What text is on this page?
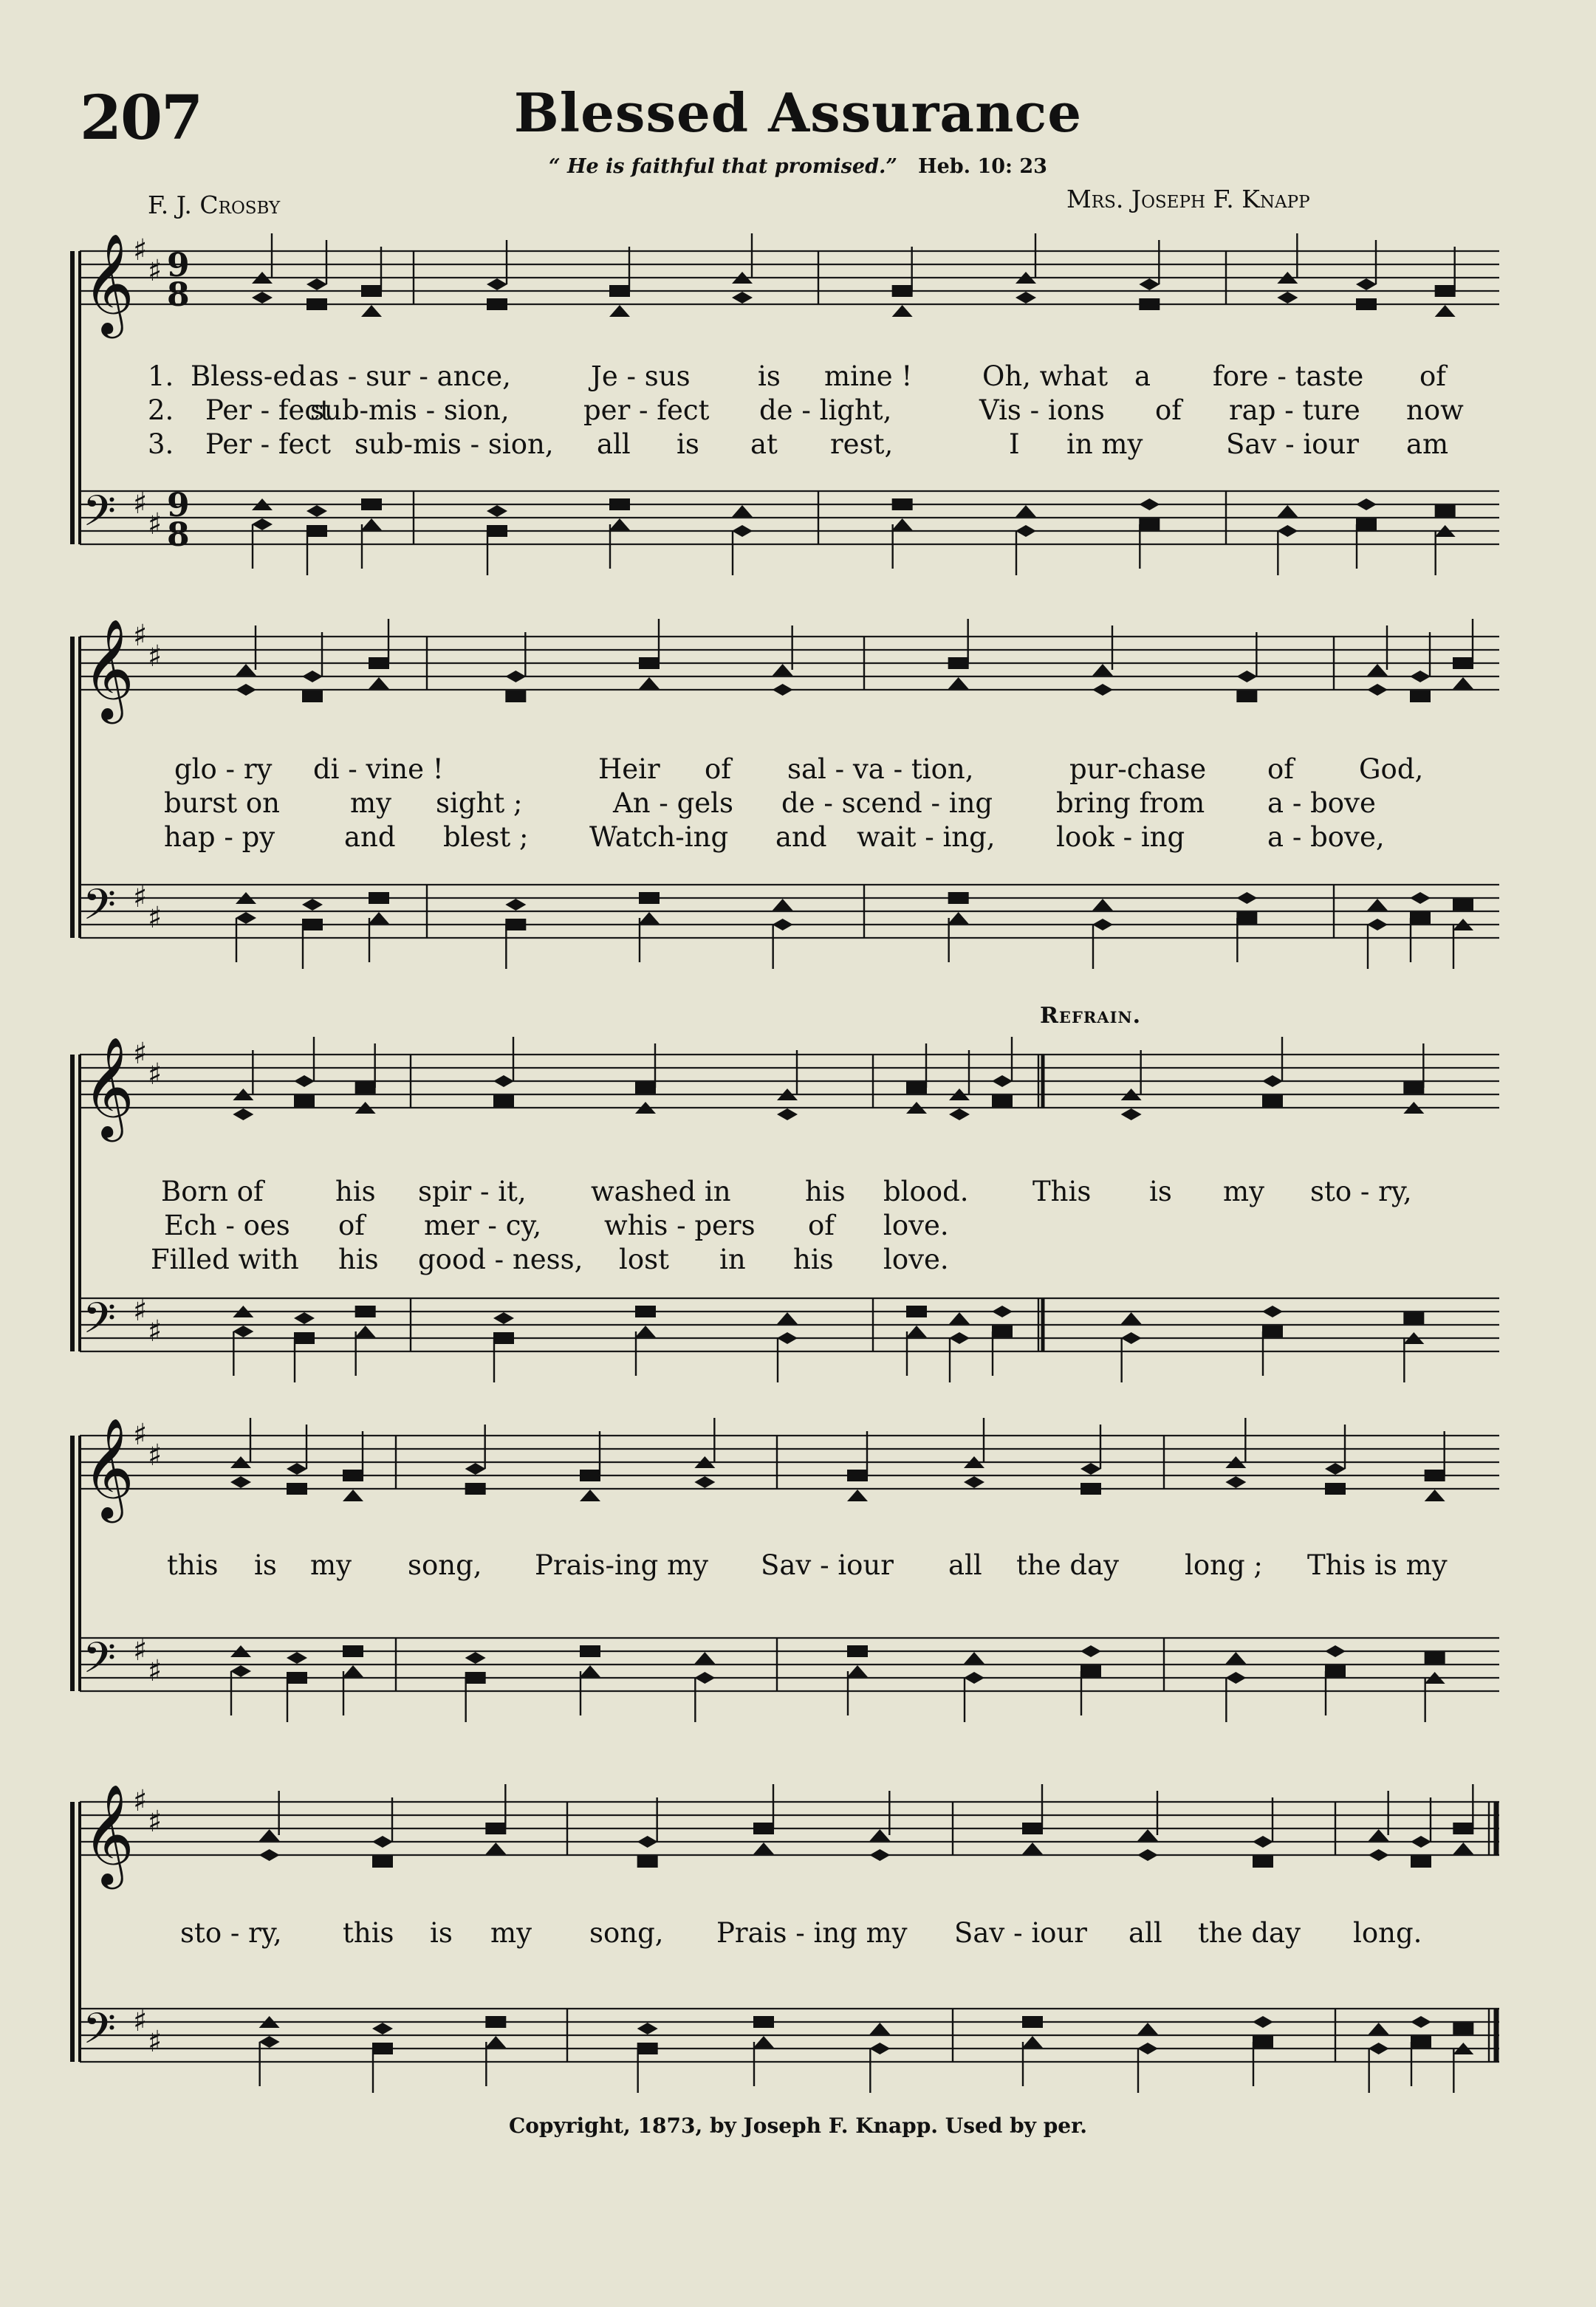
207	Blessed Assurance
“ He is faithful that promised.” Heb. 10: 23
F. J. Crosby	Mrs. Joseph F. Knapp
𝄞
♯
♯ 9
8
𝄢 ♯
♯ 9
8
𝄞
♯
♯
𝄢 ♯
♯
𝄞
♯
♯
𝄢 ♯
♯
𝄞
♯
♯
𝄢 ♯
♯
𝄞
♯
♯
𝄢 ♯
♯
1. Bless-ed as - sur - ance,	Je - sus is mine !	Oh, what a fore - taste of
2. Per - fect
sub-mis - sion,	per - fect de - light,	Vis - ions of rap - ture now
3. Per - fect sub-mis - sion, all is at rest,	I in my	Sav - iour am
glo - ry di - vine !	Heir of sal - va - tion,	pur-chase of God,
burst on	my sight ;	An - gels de - scend - ing bring from a - bove
hap - py	and blest ; Watch-ing and wait - ing, look - ing	a - bove,
Refrain.
Born of	his spir - it, washed in	his blood. This is my sto - ry,
Ech - oes of mer - cy, whis - pers of love.
Filled with his good - ness, lost in his love.
this is my song, Prais-ing my Sav - iour all the day long ; This is my
sto - ry, this is my song, Prais - ing my Sav - iour all the day long.
Copyright, 1873, by Joseph F. Knapp. Used by per.
